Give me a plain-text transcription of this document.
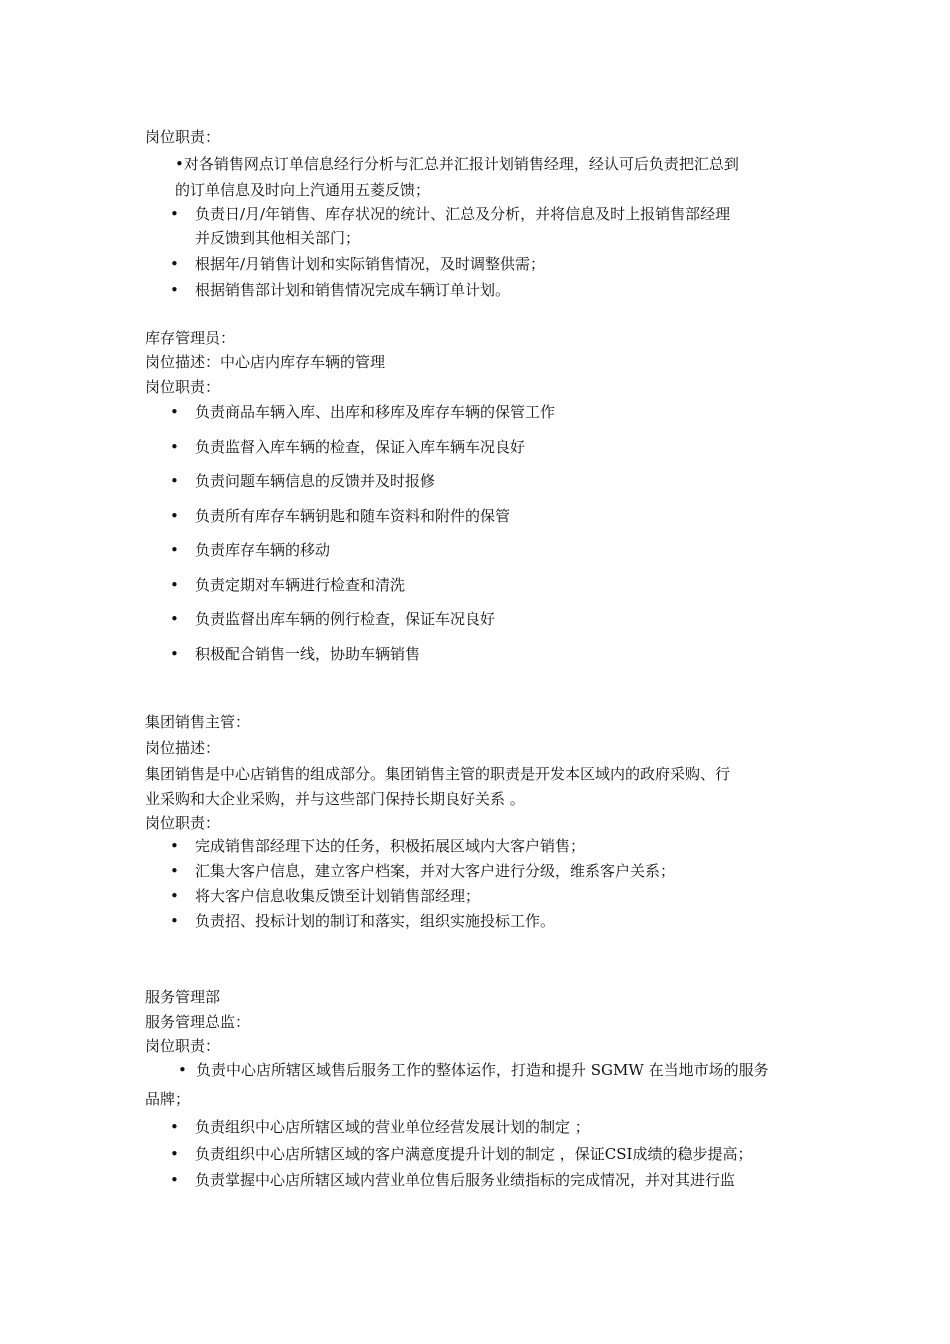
岗位职责：
•对各销售网点订单信息经行分析与汇总并汇报计划销售经理，经认可后负责把汇总到
的订单信息及时向上汽通用五菱反馈；
• 负责日/月/年销售、库存状况的统计、汇总及分析，并将信息及时上报销售部经理
并反馈到其他相关部门；
• 根据年/月销售计划和实际销售情况，及时调整供需；
• 根据销售部计划和销售情况完成车辆订单计划。
库存管理员：
岗位描述：中心店内库存车辆的管理
岗位职责：
• 负责商品车辆入库、出库和移库及库存车辆的保管工作
• 负责监督入库车辆的检查，保证入库车辆车况良好
• 负责问题车辆信息的反馈并及时报修
• 负责所有库存车辆钥匙和随车资料和附件的保管
• 负责库存车辆的移动
• 负责定期对车辆进行检查和清洗
• 负责监督出库车辆的例行检查，保证车况良好
• 积极配合销售一线，协助车辆销售
集团销售主管：
岗位描述：
集团销售是中心店销售的组成部分。集团销售主管的职责是开发本区域内的政府采购、行
业采购和大企业采购，并与这些部门保持长期良好关系 。
岗位职责：
• 完成销售部经理下达的任务，积极拓展区域内大客户销售；
• 汇集大客户信息，建立客户档案，并对大客户进行分级，维系客户关系；
• 将大客户信息收集反馈至计划销售部经理；
• 负责招、投标计划的制订和落实，组织实施投标工作。
服务管理部
服务管理总监：
岗位职责：
• 负责中心店所辖区域售后服务工作的整体运作，打造和提升 SGMW 在当地市场的服务
品牌；
• 负责组织中心店所辖区域的营业单位经营发展计划的制定 ；
• 负责组织中心店所辖区域的客户满意度提升计划的制定 ，保证CSI成绩的稳步提高；
• 负责掌握中心店所辖区域内营业单位售后服务业绩指标的完成情况，并对其进行监
